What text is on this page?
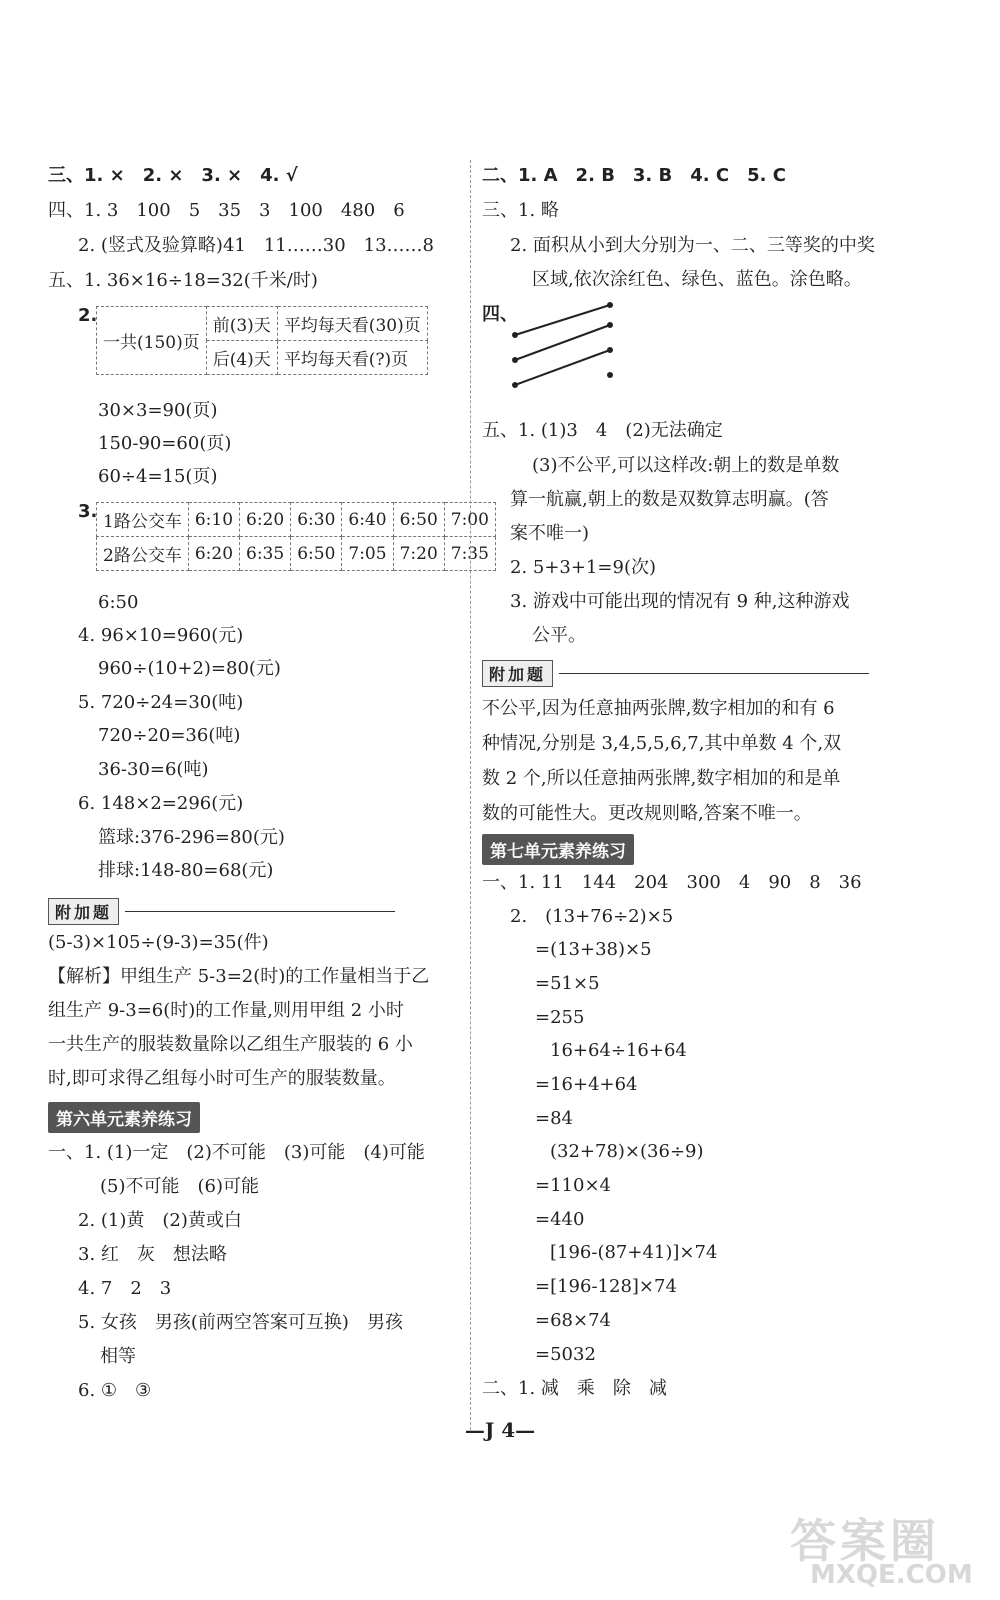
三、1. ×　2. ×　3. ×　4. √
四、1. 3　100　5　35　3　100　480　6
2. (竖式及验算略)41　11……30　13……8
五、1. 36×16÷18=32(千米/时)
2.
一共(150)页	前(3)天	平均每天看(30)页
	后(4)天	平均每天看(?)页
30×3=90(页)
150-90=60(页)
60÷4=15(页)
3. 1路公交车	6:10	6:20	6:30	6:40	6:50	7:00
2路公交车	6:20	6:35	6:50	7:05	7:20	7:35
6:50
4. 96×10=960(元)
960÷(10+2)=80(元)
5. 720÷24=30(吨)
720÷20=36(吨)
36-30=6(吨)
6. 148×2=296(元)
篮球:376-296=80(元)
排球:148-80=68(元)
附加题
(5-3)×105÷(9-3)=35(件)
【解析】甲组生产 5-3=2(时)的工作量相当于乙
组生产 9-3=6(时)的工作量,则用甲组 2 小时
一共生产的服装数量除以乙组生产服装的 6 小
时,即可求得乙组每小时可生产的服装数量。
第六单元素养练习
一、1. (1)一定　(2)不可能　(3)可能　(4)可能
(5)不可能　(6)可能
2. (1)黄　(2)黄或白
3. 红　灰　想法略
4. 7　2　3
5. 女孩　男孩(前两空答案可互换)　男孩
相等
6. ①　③
二、1. A　2. B　3. B　4. C　5. C
三、1. 略
2. 面积从小到大分别为一、二、三等奖的中奖
区域,依次涂红色、绿色、蓝色。涂色略。
四、
五、1. (1)3　4　(2)无法确定
(3)不公平,可以这样改:朝上的数是单数
算一航赢,朝上的数是双数算志明赢。(答
案不唯一)
2. 5+3+1=9(次)
3. 游戏中可能出现的情况有 9 种,这种游戏
公平。
附加题
不公平,因为任意抽两张牌,数字相加的和有 6
种情况,分别是 3,4,5,5,6,7,其中单数 4 个,双
数 2 个,所以任意抽两张牌,数字相加的和是单
数的可能性大。更改规则略,答案不唯一。
第七单元素养练习
一、1. 11　144　204　300　4　90　8　36
2.　(13+76÷2)×5
=(13+38)×5
=51×5
=255
16+64÷16+64
=16+4+64
=84
(32+78)×(36÷9)
=110×4
=440
[196-(87+41)]×74
=[196-128]×74
=68×74
=5032
二、1. 减　乘　除　减
—J 4—
答案圈
MXQE.COM
